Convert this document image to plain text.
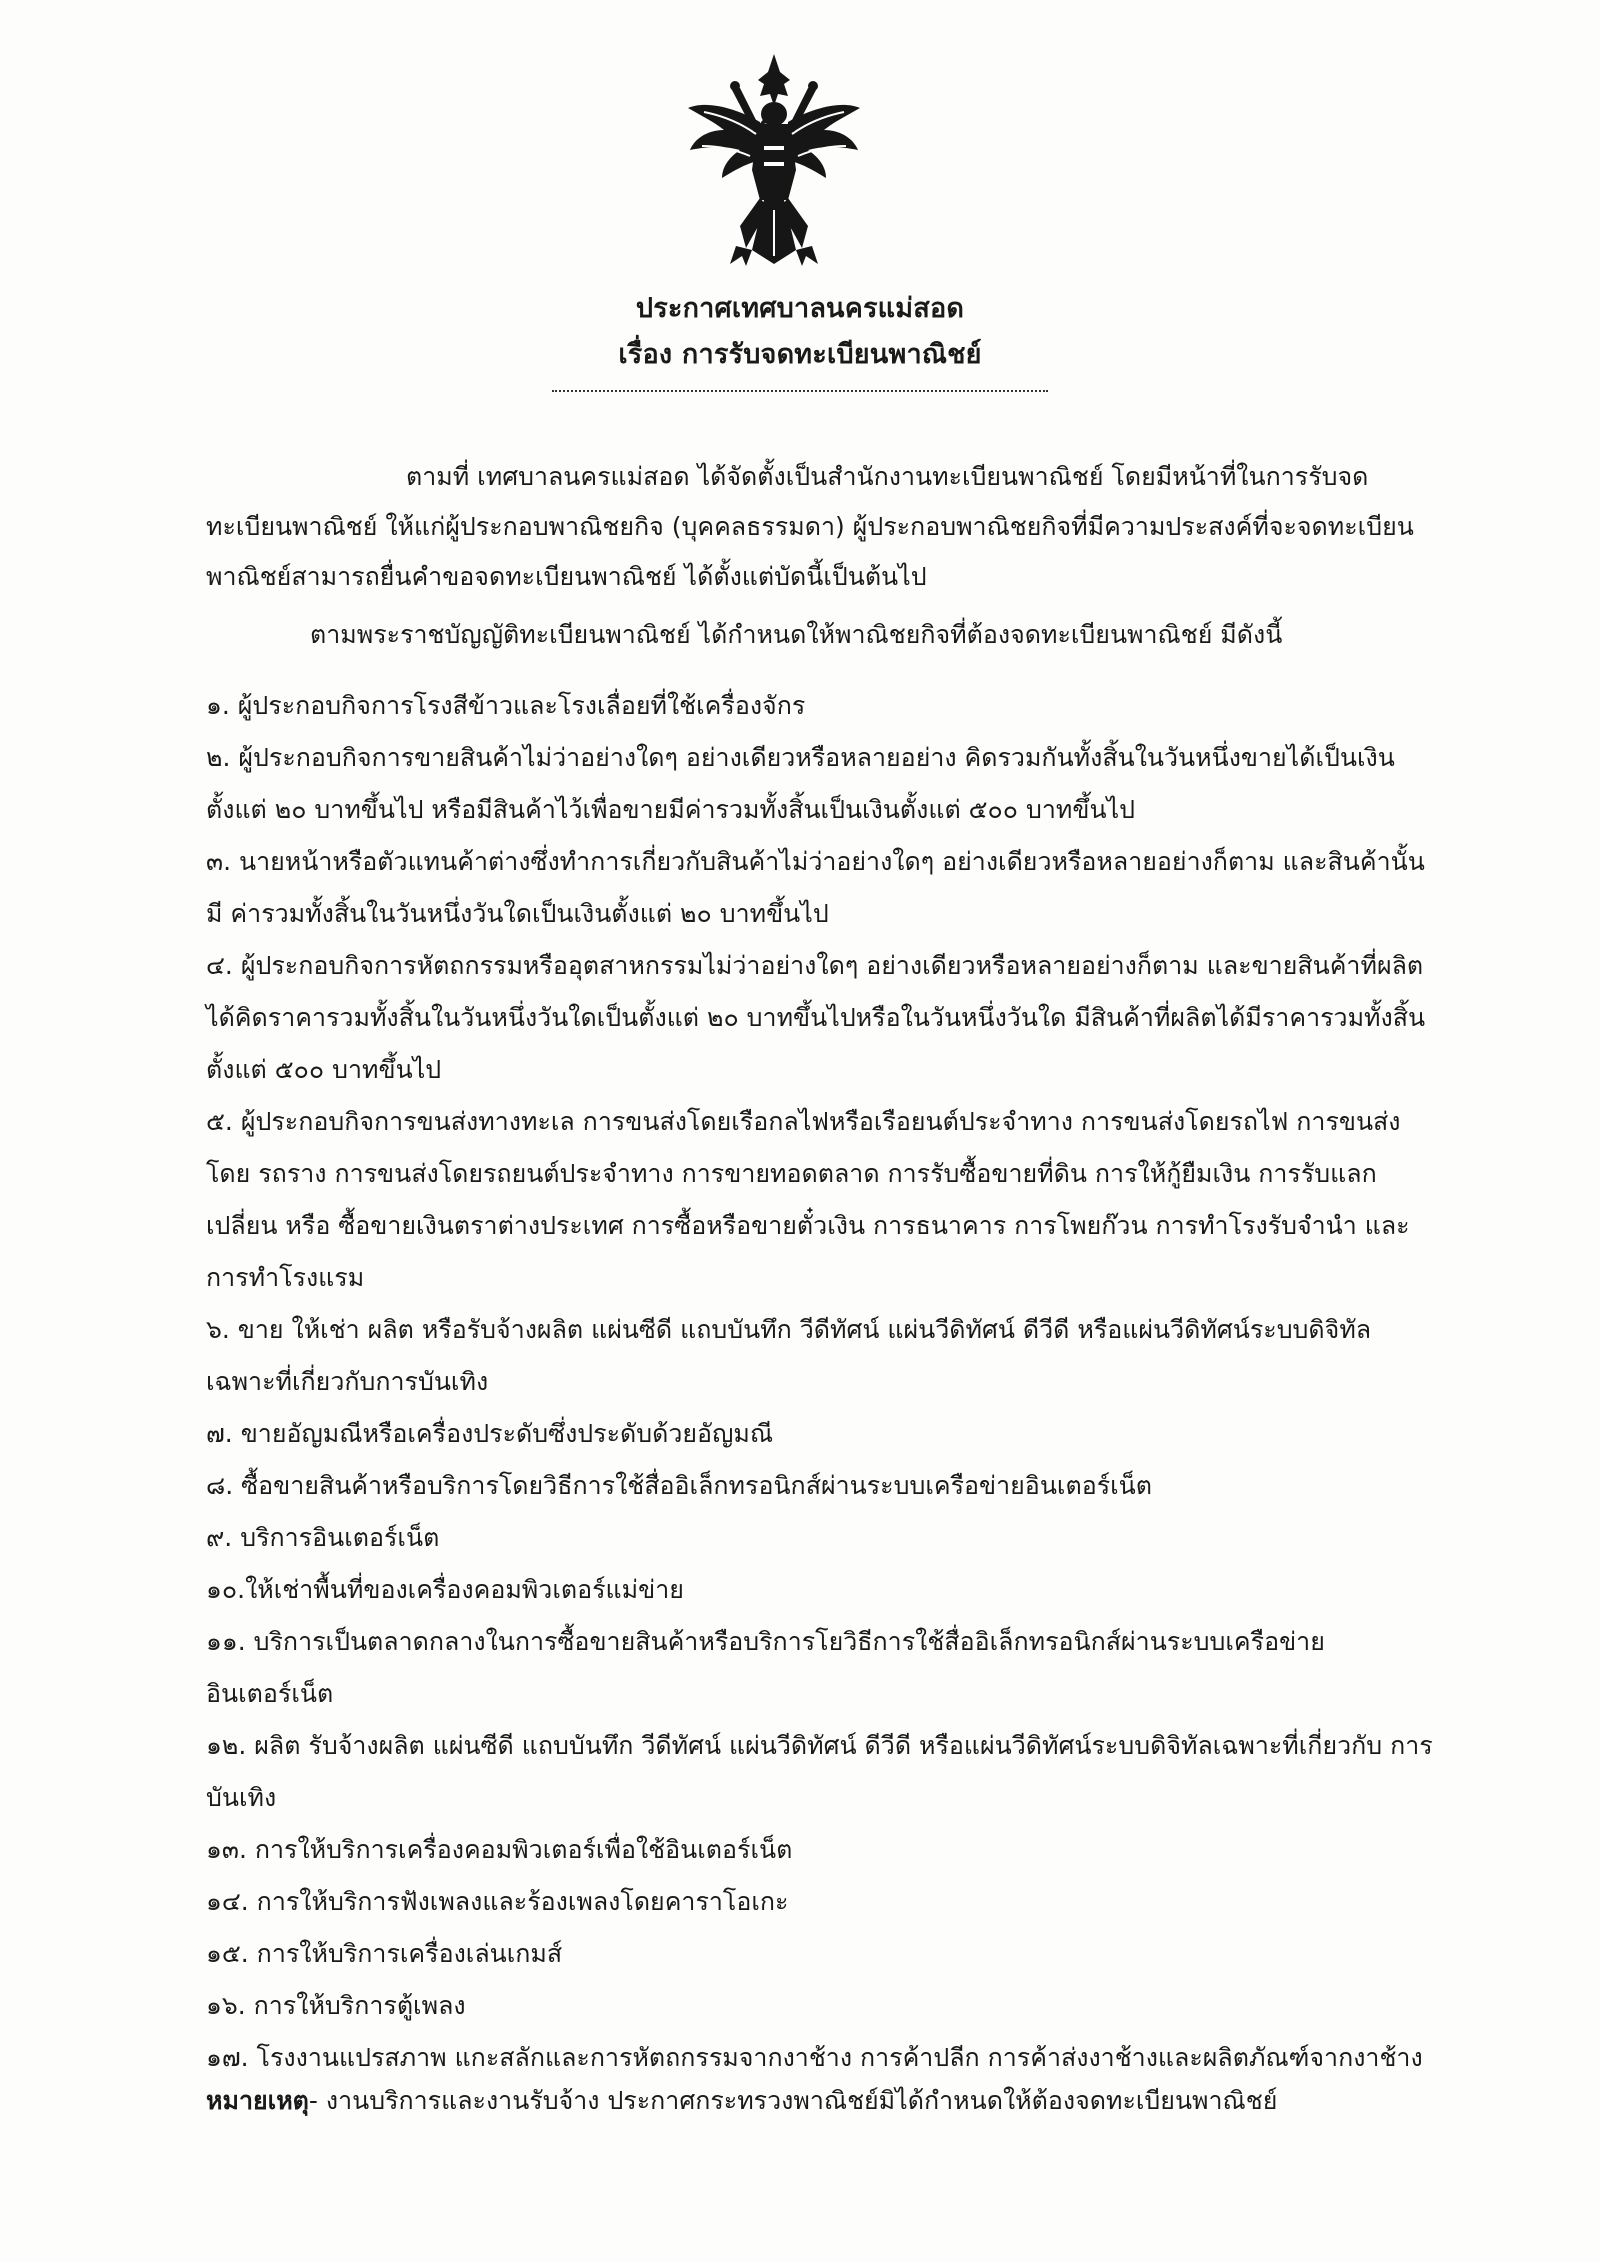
ประกาศเทศบาลนครแม่สอด
เรื่อง การรับจดทะเบียนพาณิชย์
ตามที่ เทศบาลนครแม่สอด ได้จัดตั้งเป็นสำนักงานทะเบียนพาณิชย์ โดยมีหน้าที่ในการรับจดทะเบียนพาณิชย์ ให้แก่ผู้ประกอบพาณิชยกิจ (บุคคลธรรมดา) ผู้ประกอบพาณิชยกิจที่มีความประสงค์ที่จะจดทะเบียนพาณิชย์สามารถยื่นคำขอจดทะเบียนพาณิชย์ ได้ตั้งแต่บัดนี้เป็นต้นไป
ตามพระราชบัญญัติทะเบียนพาณิชย์ ได้กำหนดให้พาณิชยกิจที่ต้องจดทะเบียนพาณิชย์ มีดังนี้
๑. ผู้ประกอบกิจการโรงสีข้าวและโรงเลื่อยที่ใช้เครื่องจักร
๒. ผู้ประกอบกิจการขายสินค้าไม่ว่าอย่างใดๆ อย่างเดียวหรือหลายอย่าง คิดรวมกันทั้งสิ้นในวันหนึ่งขายได้เป็นเงิน ตั้งแต่ ๒๐ บาทขึ้นไป หรือมีสินค้าไว้เพื่อขายมีค่ารวมทั้งสิ้นเป็นเงินตั้งแต่ ๕๐๐ บาทขึ้นไป
๓. นายหน้าหรือตัวแทนค้าต่างซึ่งทำการเกี่ยวกับสินค้าไม่ว่าอย่างใดๆ อย่างเดียวหรือหลายอย่างก็ตาม และสินค้านั้นมี ค่ารวมทั้งสิ้นในวันหนึ่งวันใดเป็นเงินตั้งแต่ ๒๐ บาทขึ้นไป
๔. ผู้ประกอบกิจการหัตถกรรมหรืออุตสาหกรรมไม่ว่าอย่างใดๆ อย่างเดียวหรือหลายอย่างก็ตาม และขายสินค้าที่ผลิต ได้คิดราคารวมทั้งสิ้นในวันหนึ่งวันใดเป็นตั้งแต่ ๒๐ บาทขึ้นไปหรือในวันหนึ่งวันใด มีสินค้าที่ผลิตได้มีราคารวมทั้งสิ้น ตั้งแต่ ๕๐๐ บาทขึ้นไป
๕. ผู้ประกอบกิจการขนส่งทางทะเล การขนส่งโดยเรือกลไฟหรือเรือยนต์ประจำทาง การขนส่งโดยรถไฟ การขนส่งโดย รถราง การขนส่งโดยรถยนต์ประจำทาง การขายทอดตลาด การรับซื้อขายที่ดิน การให้กู้ยืมเงิน การรับแลกเปลี่ยน หรือ ซื้อขายเงินตราต่างประเทศ การซื้อหรือขายตั๋วเงิน การธนาคาร การโพยก๊วน การทำโรงรับจำนำ และการทำโรงแรม
๖. ขาย ให้เช่า ผลิต หรือรับจ้างผลิต แผ่นซีดี แถบบันทึก วีดีทัศน์ แผ่นวีดิทัศน์ ดีวีดี หรือแผ่นวีดิทัศน์ระบบดิจิทัล เฉพาะที่เกี่ยวกับการบันเทิง
๗. ขายอัญมณีหรือเครื่องประดับซึ่งประดับด้วยอัญมณี
๘. ซื้อขายสินค้าหรือบริการโดยวิธีการใช้สื่ออิเล็กทรอนิกส์ผ่านระบบเครือข่ายอินเตอร์เน็ต
๙. บริการอินเตอร์เน็ต
๑๐.ให้เช่าพื้นที่ของเครื่องคอมพิวเตอร์แม่ข่าย
๑๑. บริการเป็นตลาดกลางในการซื้อขายสินค้าหรือบริการโยวิธีการใช้สื่ออิเล็กทรอนิกส์ผ่านระบบเครือข่ายอินเตอร์เน็ต
๑๒. ผลิต รับจ้างผลิต แผ่นซีดี แถบบันทึก วีดีทัศน์ แผ่นวีดิทัศน์ ดีวีดี หรือแผ่นวีดิทัศน์ระบบดิจิทัลเฉพาะที่เกี่ยวกับ การบันเทิง
๑๓. การให้บริการเครื่องคอมพิวเตอร์เพื่อใช้อินเตอร์เน็ต
๑๔. การให้บริการฟังเพลงและร้องเพลงโดยคาราโอเกะ
๑๕. การให้บริการเครื่องเล่นเกมส์
๑๖. การให้บริการตู้เพลง
๑๗. โรงงานแปรสภาพ แกะสลักและการหัตถกรรมจากงาช้าง การค้าปลีก การค้าส่งงาช้างและผลิตภัณฑ์จากงาช้าง
หมายเหตุ- งานบริการและงานรับจ้าง ประกาศกระทรวงพาณิชย์มิได้กำหนดให้ต้องจดทะเบียนพาณิชย์
